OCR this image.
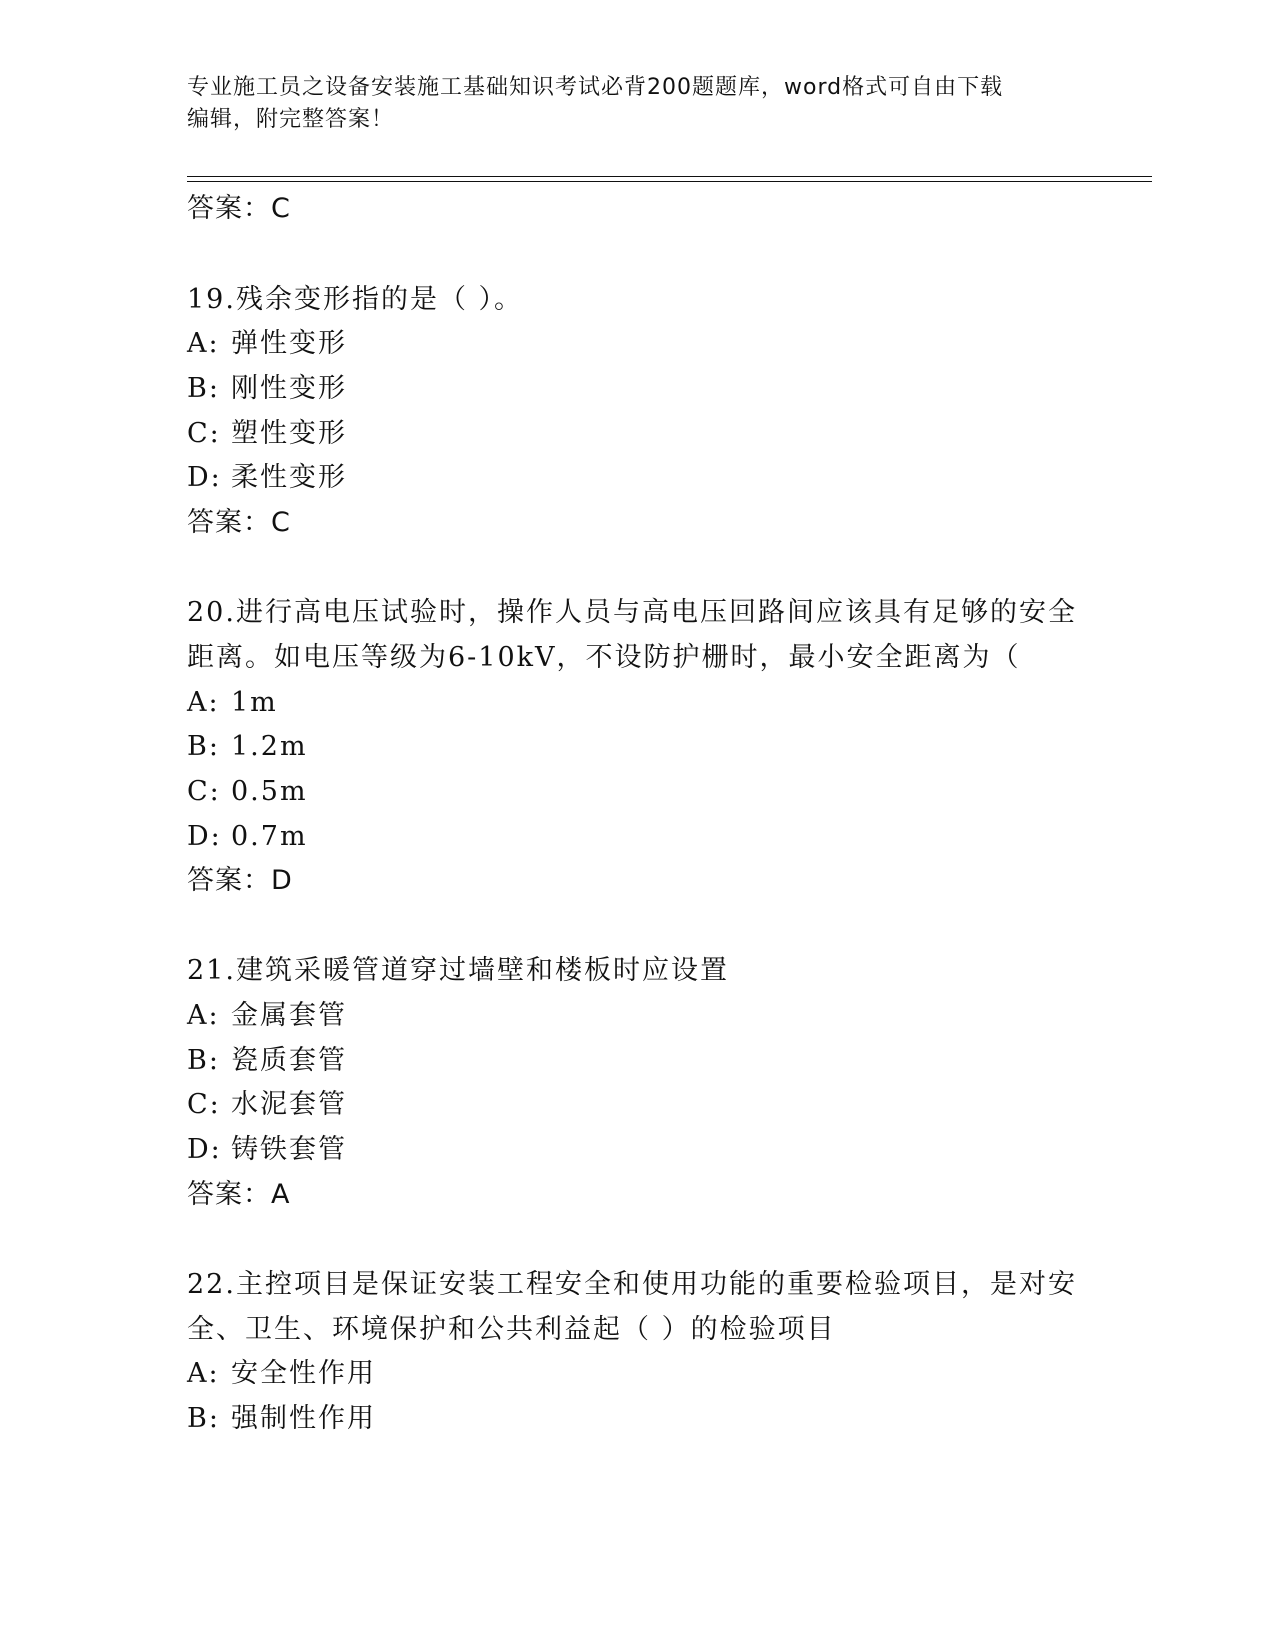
专业施工员之设备安装施工基础知识考试必背200题题库，word格式可自由下载
编辑，附完整答案！
答案：C
19.残余变形指的是（ ）。
A: 弹性变形
B: 刚性变形
C: 塑性变形
D: 柔性变形
答案：C
20.进行高电压试验时，操作人员与高电压回路间应该具有足够的安全
距离。如电压等级为6-10kV，不设防护栅时，最小安全距离为（
A: 1m
B: 1.2m
C: 0.5m
D: 0.7m
答案：D
21.建筑采暖管道穿过墙壁和楼板时应设置
A: 金属套管
B: 瓷质套管
C: 水泥套管
D: 铸铁套管
答案：A
22.主控项目是保证安装工程安全和使用功能的重要检验项目，是对安
全、卫生、环境保护和公共利益起（ ）的检验项目
A: 安全性作用
B: 强制性作用
